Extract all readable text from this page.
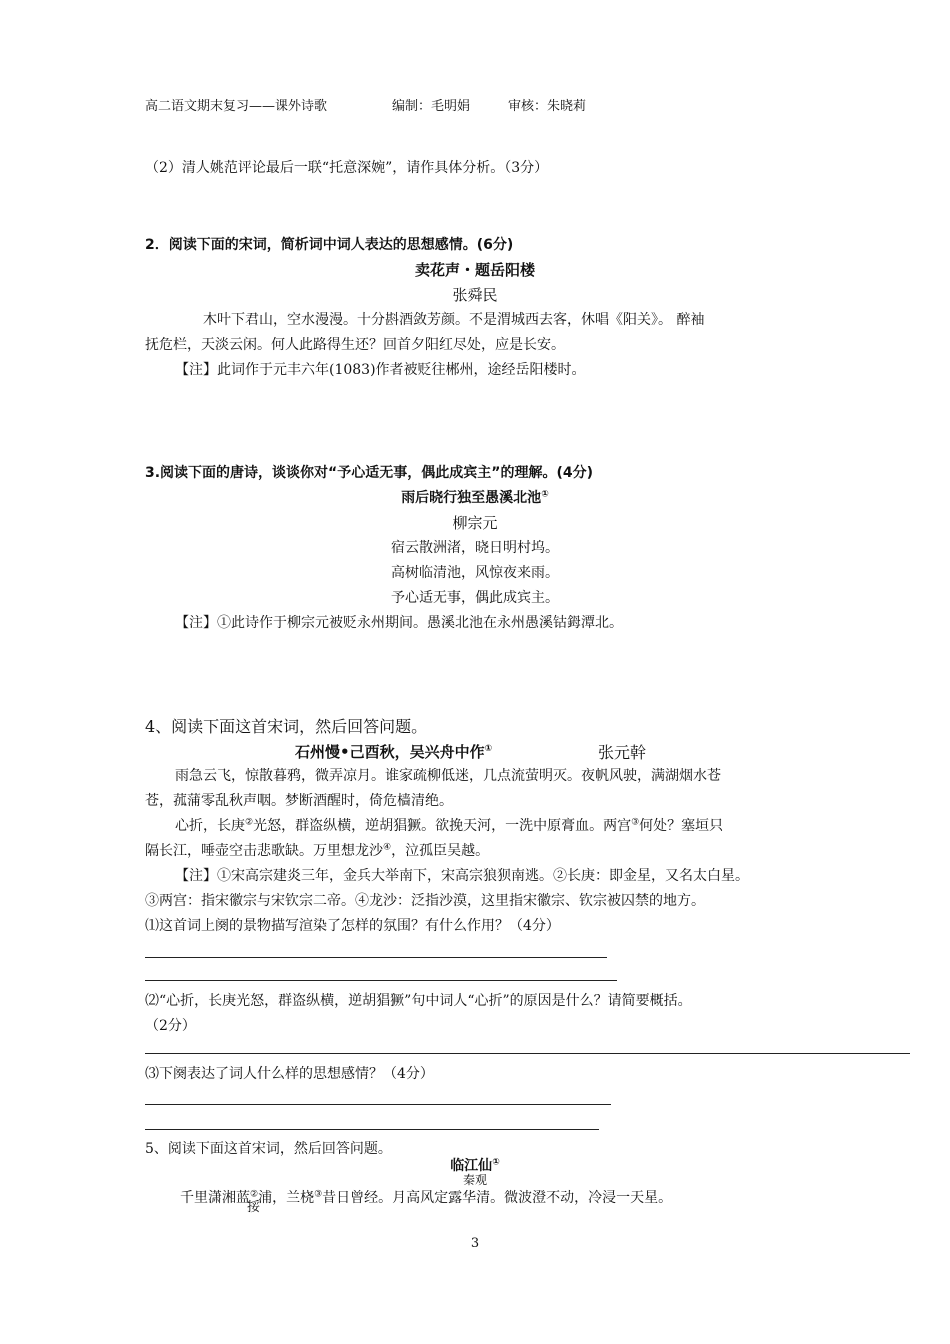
高二语文期末复习——课外诗歌	编制：毛明娟	审核：朱晓莉
（2）清人姚范评论最后一联“托意深婉”，请作具体分析。（3分）
2．阅读下面的宋词，简析词中词人表达的思想感情。(6分)
卖花声・题岳阳楼
张舜民
木叶下君山，空水漫漫。十分斟酒敛芳颜。不是渭城西去客，休唱《阳关》。 醉袖
抚危栏，天淡云闲。何人此路得生还？回首夕阳红尽处，应是长安。
【注】此词作于元丰六年(1083)作者被贬往郴州，途经岳阳楼时。
3.阅读下面的唐诗，谈谈你对“予心适无事，偶此成宾主”的理解。(4分)
雨后晓行独至愚溪北池①
柳宗元
宿云散洲渚，晓日明村坞。
高树临清池，风惊夜来雨。
予心适无事，偶此成宾主。
【注】①此诗作于柳宗元被贬永州期间。愚溪北池在永州愚溪钴鉧潭北。
4、阅读下面这首宋词，然后回答问题。
石州慢•己酉秋，吴兴舟中作①	张元幹
雨急云飞，惊散暮鸦，微弄凉月。谁家疏柳低迷，几点流萤明灭。夜帆风驶，满湖烟水苍
苍，菰蒲零乱秋声咽。梦断酒醒时，倚危樯清绝。
心折，长庚②光怒，群盗纵横，逆胡猖獗。欲挽天河，一洗中原膏血。两宫③何处？塞垣只
隔长江，唾壶空击悲歌缺。万里想龙沙④，泣孤臣吴越。
【注】①宋高宗建炎三年，金兵大举南下，宋高宗狼狈南逃。②长庚：即金星，又名太白星。
③两宫：指宋徽宗与宋钦宗二帝。④龙沙：泛指沙漠，这里指宋徽宗、钦宗被囚禁的地方。
⑴这首词上阕的景物描写渲染了怎样的氛围？有什么作用？（4分）
⑵“心折，长庚光怒，群盗纵横，逆胡猖獗”句中词人“心折”的原因是什么？请简要概括。
（2分）
⑶下阕表达了词人什么样的思想感情？（4分）
5、阅读下面这首宋词，然后回答问题。
临江仙①
秦观
千里潇湘蓝②浦，兰桡③昔日曾经。月高风定露华清。微波澄不动，冷浸一天星。
挼
3
